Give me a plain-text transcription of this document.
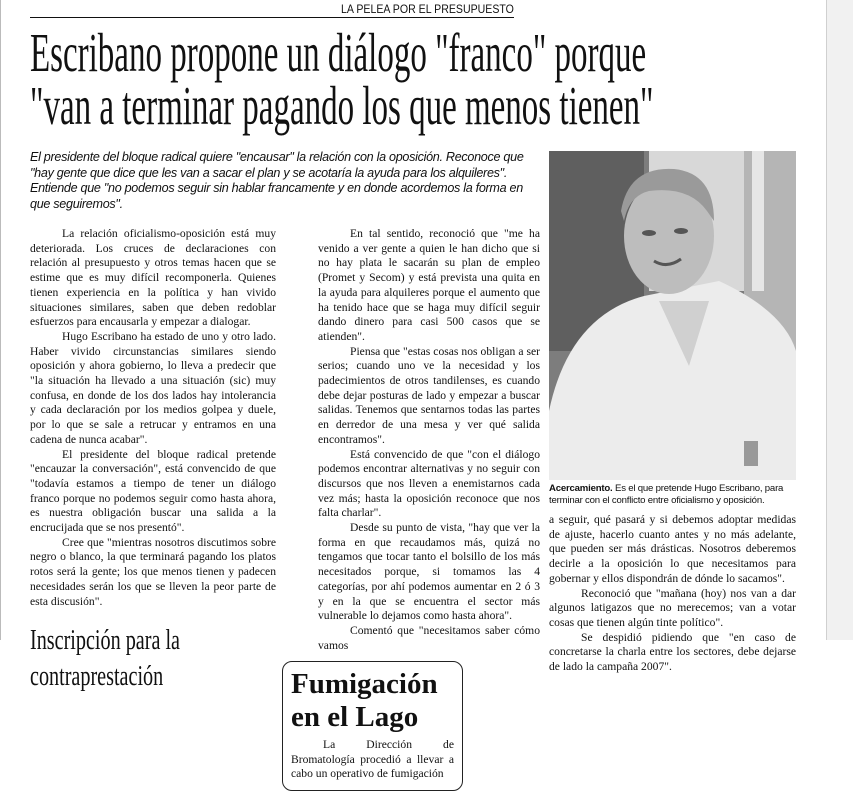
LA PELEA POR EL PRESUPUESTO
Escribano propone un diálogo "franco" porque
"van a terminar pagando los que menos tienen"
El presidente del bloque radical quiere "encausar" la relación con la oposición. Reconoce que "hay gente que dice que les van a sacar el plan y se acotaría la ayuda para los alquileres". Entiende que "no podemos seguir sin hablar francamente y en donde acordemos la forma en que seguiremos".

La relación oficialismo-oposición está muy deteriorada. Los cruces de declaraciones con relación al presupuesto y otros temas hacen que se estime que es muy difícil recomponerla. Quienes tienen experiencia en la política y han vivido situaciones similares, saben que deben redoblar esfuerzos para encausarla y empezar a dialogar.

Hugo Escribano ha estado de uno y otro lado. Haber vivido circunstancias similares siendo oposición y ahora gobierno, lo lleva a predecir que "la situación ha llevado a una situación (sic) muy confusa, en donde de los dos lados hay intolerancia y cada declaración por los medios golpea y duele, por lo que se sale a retrucar y entramos en una cadena de nunca acabar".

El presidente del bloque radical pretende "encauzar la conversación", está convencido de que "todavía estamos a tiempo de tener un diálogo franco porque no podemos seguir como hasta ahora, es nuestra obligación buscar una salida a la encrucijada que se nos presentó".

Cree que "mientras nosotros discutimos sobre negro o blanco, la que terminará pagando los platos rotos será la gente; los que menos tienen y padecen necesidades serán los que se lleven la peor parte de esta discusión".

Inscripción para la
contraprestación

En tal sentido, reconoció que "me ha venido a ver gente a quien le han dicho que si no hay plata le sacarán su plan de empleo (Promet y Secom) y está prevista una quita en la ayuda para alquileres porque el aumento que ha tenido hace que se haga muy difícil seguir dando dinero para casi 500 casos que se atienden".

Piensa que "estas cosas nos obligan a ser serios; cuando uno ve la necesidad y los padecimientos de otros tandilenses, es cuando debe dejar posturas de lado y empezar a buscar salidas. Tenemos que sentarnos todas las partes en derredor de una mesa y ver qué salida encontramos".

Está convencido de que "con el diálogo podemos encontrar alternativas y no seguir con discursos que nos lleven a enemistarnos cada vez más; hasta la oposición reconoce que nos falta charlar".

Desde su punto de vista, "hay que ver la forma en que recaudamos más, quizá no tengamos que tocar tanto el bolsillo de los más necesitados porque, si tomamos las 4 categorías, por ahí podemos aumentar en 2 ó 3 y en la que se encuentra el sector más vulnerable lo dejamos como hasta ahora".

Comentó que "necesitamos saber cómo vamos

Fumigación
en el Lago

La Dirección de Bromatología procedió a llevar a cabo un operativo de fumigación

Acercamiento. Es el que pretende Hugo Escribano, para terminar con el conflicto entre oficialismo y oposición.

a seguir, qué pasará y si debemos adoptar medidas de ajuste, hacerlo cuanto antes y no más adelante, que pueden ser más drásticas. Nosotros deberemos decirle a la oposición lo que necesitamos para gobernar y ellos dispondrán de dónde lo sacamos".

Reconoció que "mañana (hoy) nos van a dar algunos latigazos que no merecemos; van a votar cosas que tienen algún tinte político".

Se despidió pidiendo que "en caso de concretarse la charla entre los sectores, debe dejarse de lado la campaña 2007".
